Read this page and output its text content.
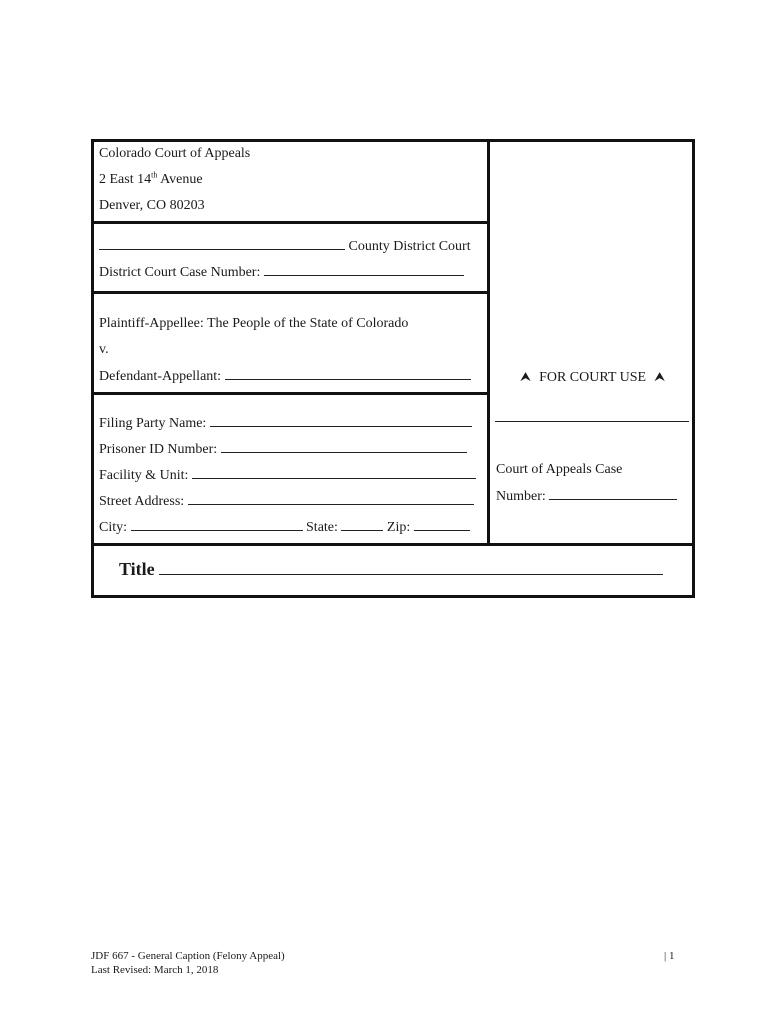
Colorado Court of Appeals
2 East 14th Avenue
Denver, CO 80203
County District Court
District Court Case Number:
Plaintiff-Appellee: The People of the State of Colorado
v.
Defendant-Appellant:
Filing Party Name:
Prisoner ID Number:
Facility & Unit:
Street Address:
City:	State:	Zip:
⮝ FOR COURT USE ⮝
Court of Appeals Case
Number:
Title
JDF 667 - General Caption (Felony Appeal)
Last Revised: March 1, 2018
| 1
